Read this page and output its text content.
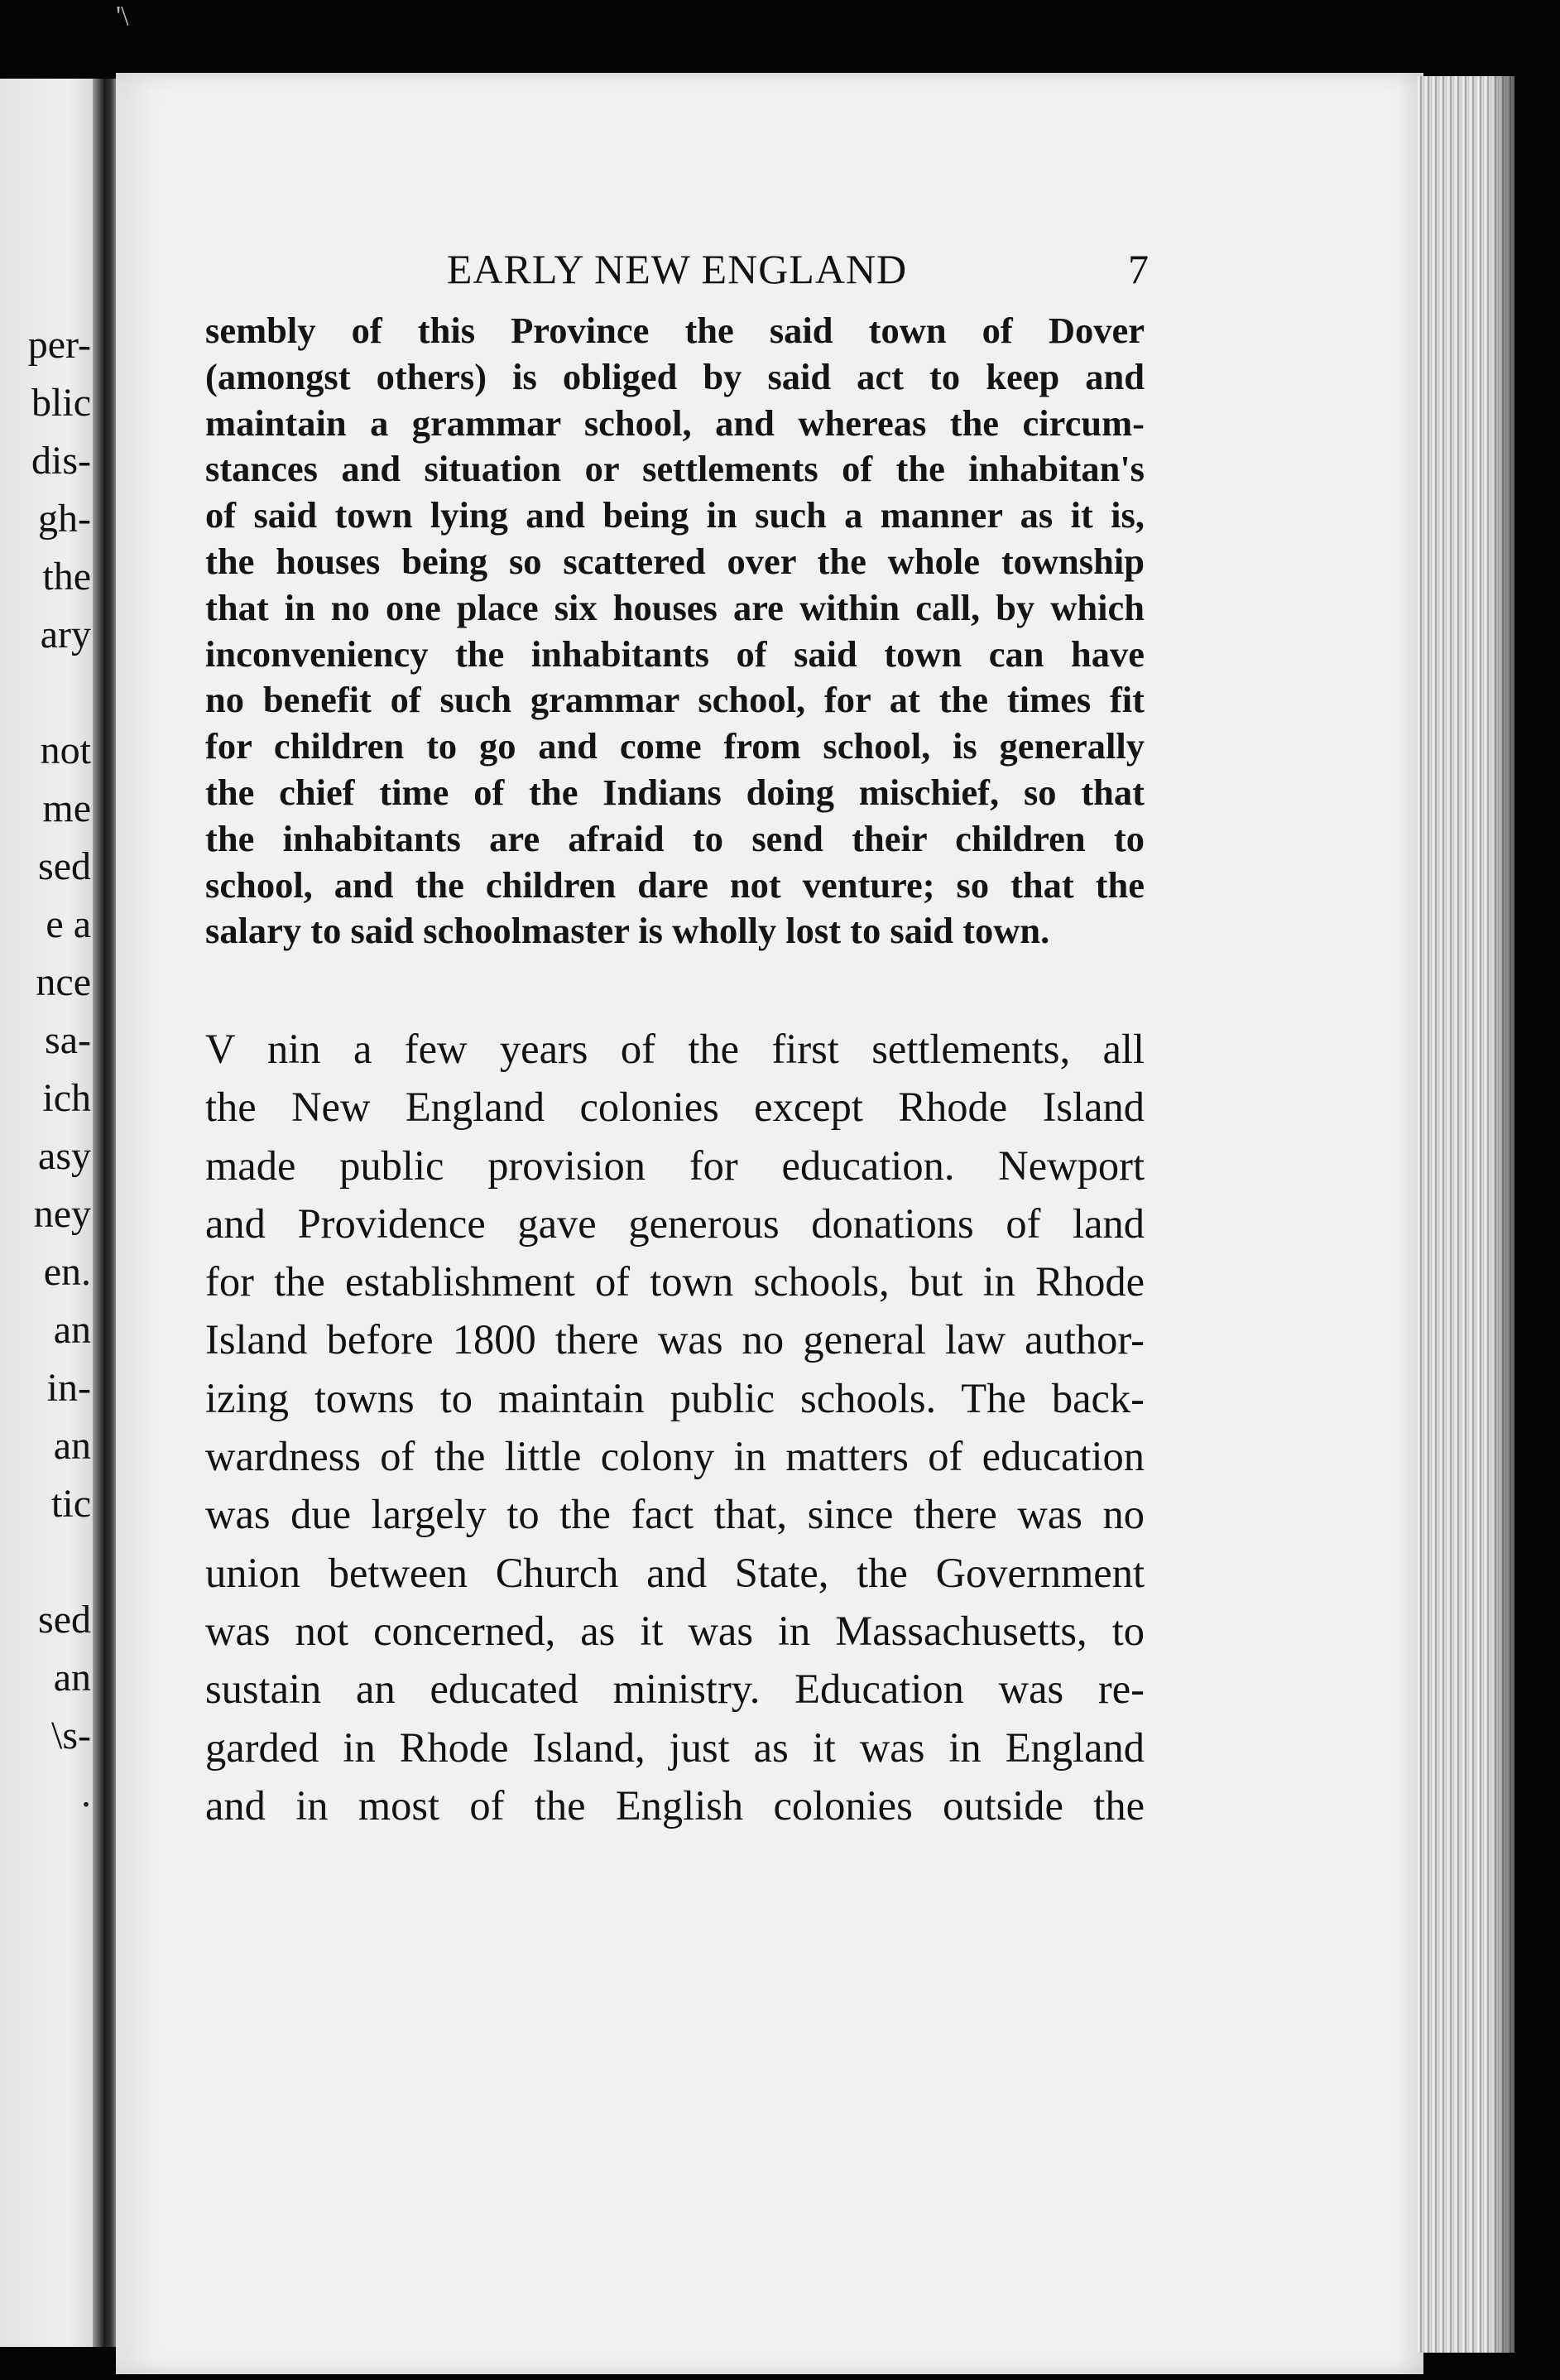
'\
per-
blic
dis-
gh-
the
ary
not
me
sed
e a
nce
sa-
ich
asy
ney
en.
an
in-
an
tic
sed
an
\s-
.
EARLY NEW ENGLAND	7
sembly of this Province the said town of Dover
(amongst others) is obliged by said act to keep and
maintain a grammar school, and whereas the circum-
stances and situation or settlements of the inhabitan's
of said town lying and being in such a manner as it is,
the houses being so scattered over the whole township
that in no one place six houses are within call, by which
inconveniency the inhabitants of said town can have
no benefit of such grammar school, for at the times fit
for children to go and come from school, is generally
the chief time of the Indians doing mischief, so that
the inhabitants are afraid to send their children to
school, and the children dare not venture; so that the
salary to said schoolmaster is wholly lost to said town.
V nin a few years of the first settlements, all
the New England colonies except Rhode Island
made public provision for education. Newport
and Providence gave generous donations of land
for the establishment of town schools, but in Rhode
Island before 1800 there was no general law author-
izing towns to maintain public schools. The back-
wardness of the little colony in matters of education
was due largely to the fact that, since there was no
union between Church and State, the Government
was not concerned, as it was in Massachusetts, to
sustain an educated ministry. Education was re-
garded in Rhode Island, just as it was in England
and in most of the English colonies outside the
